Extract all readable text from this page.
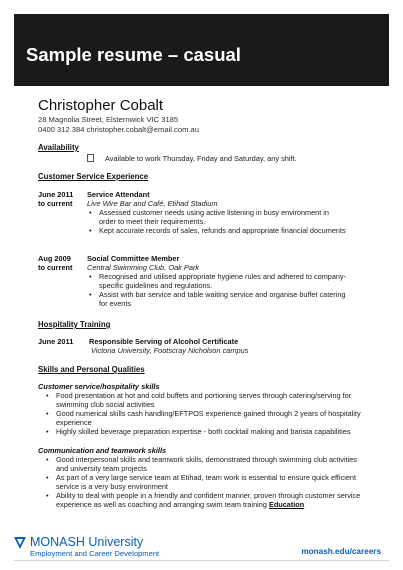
Sample resume – casual
Christopher Cobalt
28 Magnolia Street, Elsternwick VIC 3185
0400 312 384 christopher.cobalt@email.com.au
Availability
Available to work Thursday, Friday and Saturday, any shift.
Customer Service Experience
June 2011
to current
Service Attendant
Live Wire Bar and Café, Etihad Stadium
• Assessed customer needs using active listening in busy environment in order to meet their requirements.
• Kept accurate records of sales, refunds and appropriate financial documents
Aug 2009
to current
Social Committee Member
Central Swimming Club, Oak Park
• Recognised and utilised appropriate hygiene rules and adhered to company-specific guidelines and regulations.
• Assist with bar service and table waiting service and organise buffet catering for events
Hospitality Training
June 2011 Responsible Serving of Alcohol Certificate
Victoria University, Footscray Nicholson campus
Skills and Personal Qualities
Customer service/hospitality skills
• Food presentation at hot and cold buffets and portioning serves through catering/serving for swimming club social activities
• Good numerical skills cash handling/EFTPOS experience gained through 2 years of hospitality experience
• Highly skilled beverage preparation expertise - both cocktail making and barista capabilities
Communication and teamwork skills
• Good interpersonal skills and teamwork skills, demonstrated through swimming club activities and university team projects
• As part of a very large service team at Etihad, team work is essential to ensure quick efficient service is a very busy environment
• Ability to deal with people in a friendly and confident manner, proven through customer service experience as well as coaching and arranging swim team training Education
MONASH University
Employment and Career Development	monash.edu/careers
